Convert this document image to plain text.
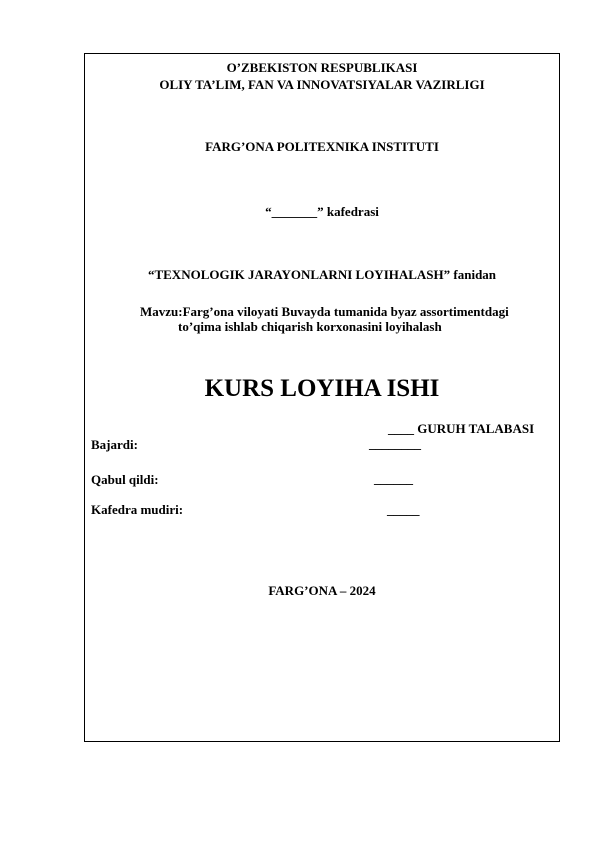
O’ZBEKISTON RESPUBLIKASI
OLIY TA’LIM, FAN VA INNOVATSIYALAR VAZIRLIGI
FARG’ONA POLITEXNIKA INSTITUTI
“_______” kafedrasi
“TEXNOLOGIK JARAYONLARNI LOYIHALASH” fanidan
Mavzu:Farg’ona viloyati Buvayda tumanida byaz assortimentdagi
to’qima ishlab chiqarish korxonasini loyihalash
KURS LOYIHA ISHI
____ GURUH TALABASI
Bajardi:	________
Qabul qildi:	______
Kafedra mudiri:	_____
FARG’ONA – 2024
